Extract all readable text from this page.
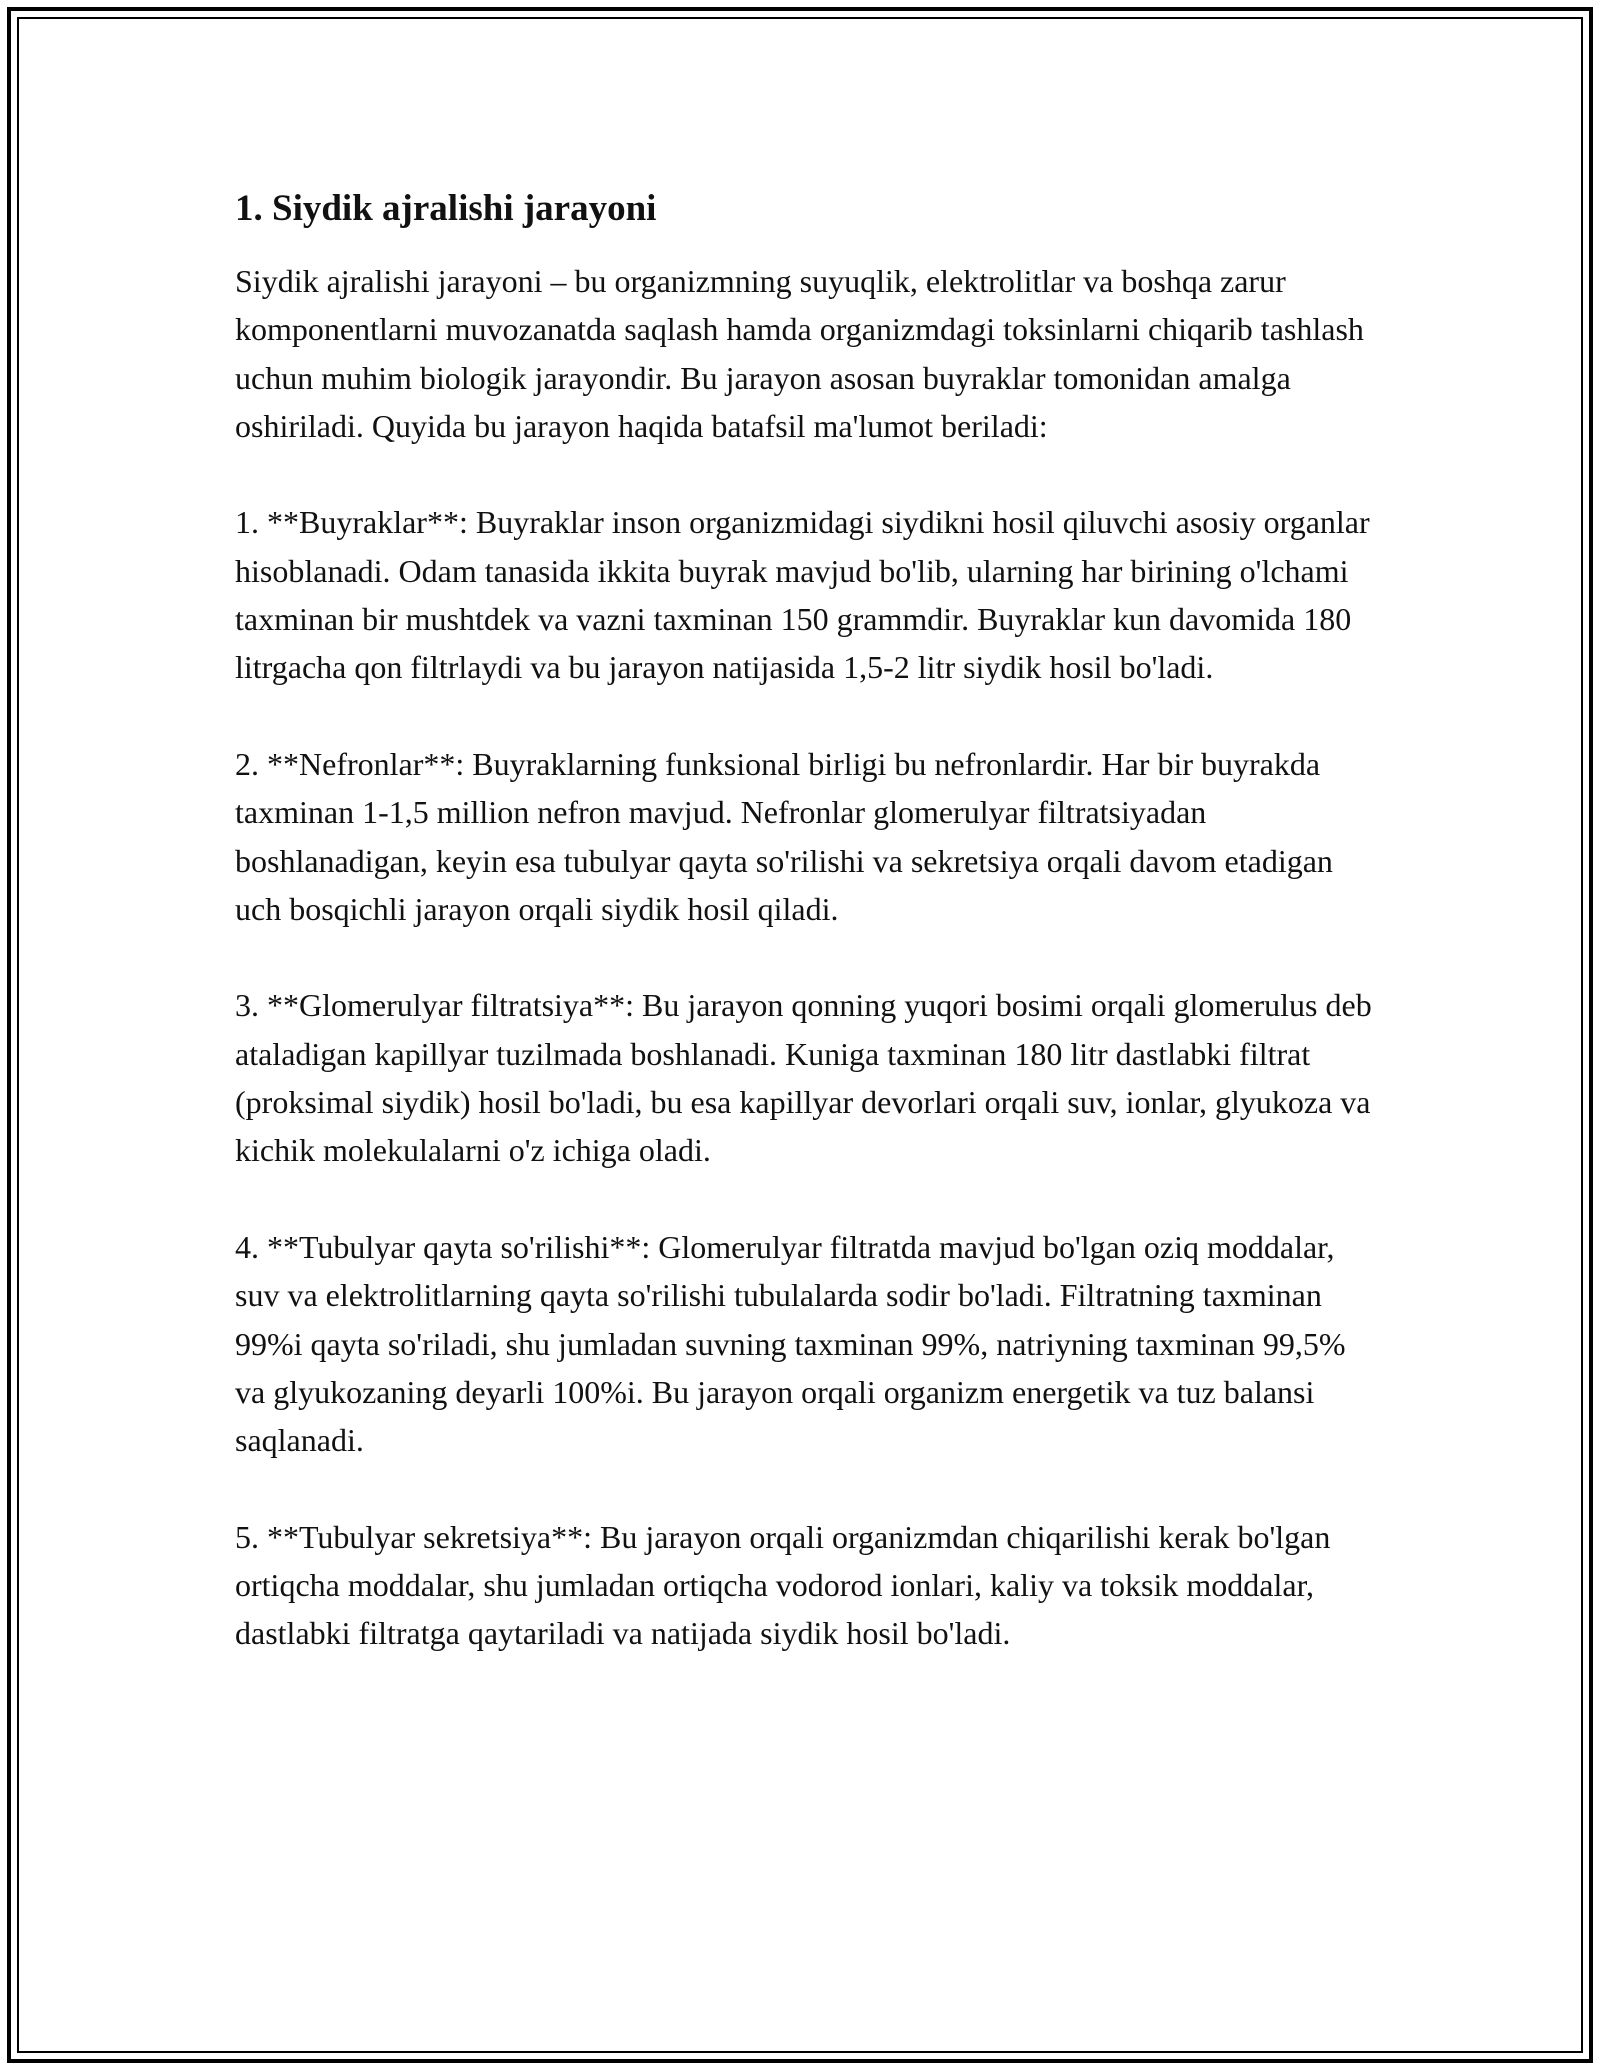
1. Siydik ajralishi jarayoni

Siydik ajralishi jarayoni – bu organizmning suyuqlik, elektrolitlar va boshqa zarur komponentlarni muvozanatda saqlash hamda organizmdagi toksinlarni chiqarib tashlash uchun muhim biologik jarayondir. Bu jarayon asosan buyraklar tomonidan amalga oshiriladi. Quyida bu jarayon haqida batafsil ma'lumot beriladi:

1. **Buyraklar**: Buyraklar inson organizmidagi siydikni hosil qiluvchi asosiy organlar hisoblanadi. Odam tanasida ikkita buyrak mavjud bo'lib, ularning har birining o'lchami taxminan bir mushtdek va vazni taxminan 150 grammdir. Buyraklar kun davomida 180 litrgacha qon filtrlaydi va bu jarayon natijasida 1,5-2 litr siydik hosil bo'ladi.

2. **Nefronlar**: Buyraklarning funksional birligi bu nefronlardir. Har bir buyrakda taxminan 1-1,5 million nefron mavjud. Nefronlar glomerulyar filtratsiyadan boshlanadigan, keyin esa tubulyar qayta so'rilishi va sekretsiya orqali davom etadigan uch bosqichli jarayon orqali siydik hosil qiladi.

3. **Glomerulyar filtratsiya**: Bu jarayon qonning yuqori bosimi orqali glomerulus deb ataladigan kapillyar tuzilmada boshlanadi. Kuniga taxminan 180 litr dastlabki filtrat (proksimal siydik) hosil bo'ladi, bu esa kapillyar devorlari orqali suv, ionlar, glyukoza va kichik molekulalarni o'z ichiga oladi.

4. **Tubulyar qayta so'rilishi**: Glomerulyar filtratda mavjud bo'lgan oziq moddalar, suv va elektrolitlarning qayta so'rilishi tubulalarda sodir bo'ladi. Filtratning taxminan 99%i qayta so'riladi, shu jumladan suvning taxminan 99%, natriyning taxminan 99,5% va glyukozaning deyarli 100%i. Bu jarayon orqali organizm energetik va tuz balansi saqlanadi.

5. **Tubulyar sekretsiya**: Bu jarayon orqali organizmdan chiqarilishi kerak bo'lgan ortiqcha moddalar, shu jumladan ortiqcha vodorod ionlari, kaliy va toksik moddalar, dastlabki filtratga qaytariladi va natijada siydik hosil bo'ladi.
